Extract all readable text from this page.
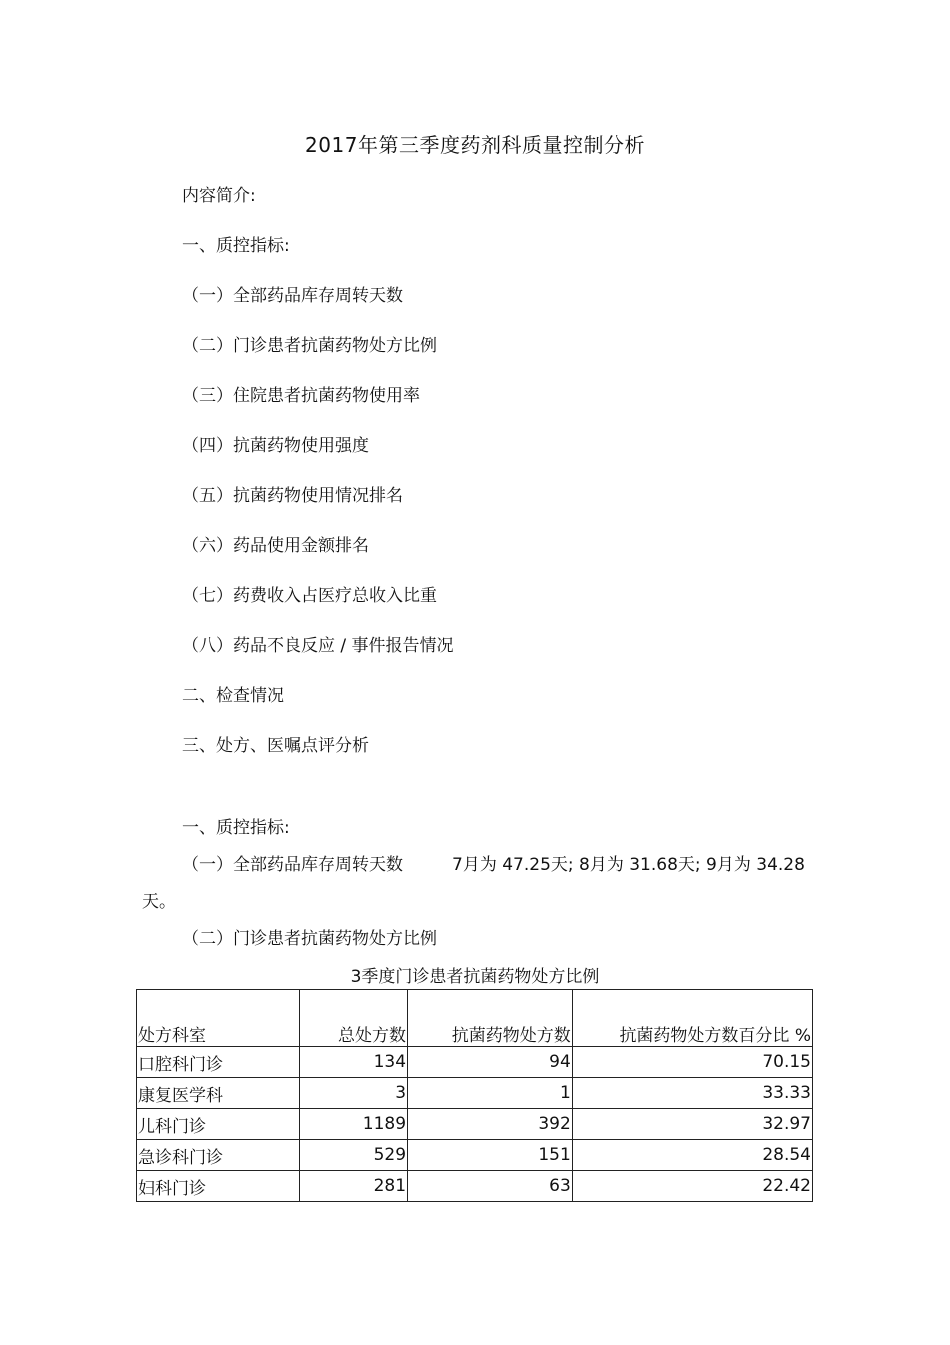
2017年第三季度药剂科质量控制分析
内容简介:
一、质控指标:
（一）全部药品库存周转天数
（二）门诊患者抗菌药物处方比例
（三）住院患者抗菌药物使用率
（四）抗菌药物使用强度
（五）抗菌药物使用情况排名
（六）药品使用金额排名
（七）药费收入占医疗总收入比重
（八）药品不良反应 / 事件报告情况
二、检查情况
三、处方、医嘱点评分析
一、质控指标:
（一）全部药品库存周转天数	7月为 47.25天; 8月为 31.68天; 9月为 34.28
天。
（二）门诊患者抗菌药物处方比例
3季度门诊患者抗菌药物处方比例
处方科室	总处方数	抗菌药物处方数	抗菌药物处方数百分比 %
口腔科门诊	134	94	70.15
康复医学科	3	1	33.33
儿科门诊	1189	392	32.97
急诊科门诊	529	151	28.54
妇科门诊	281	63	22.42
